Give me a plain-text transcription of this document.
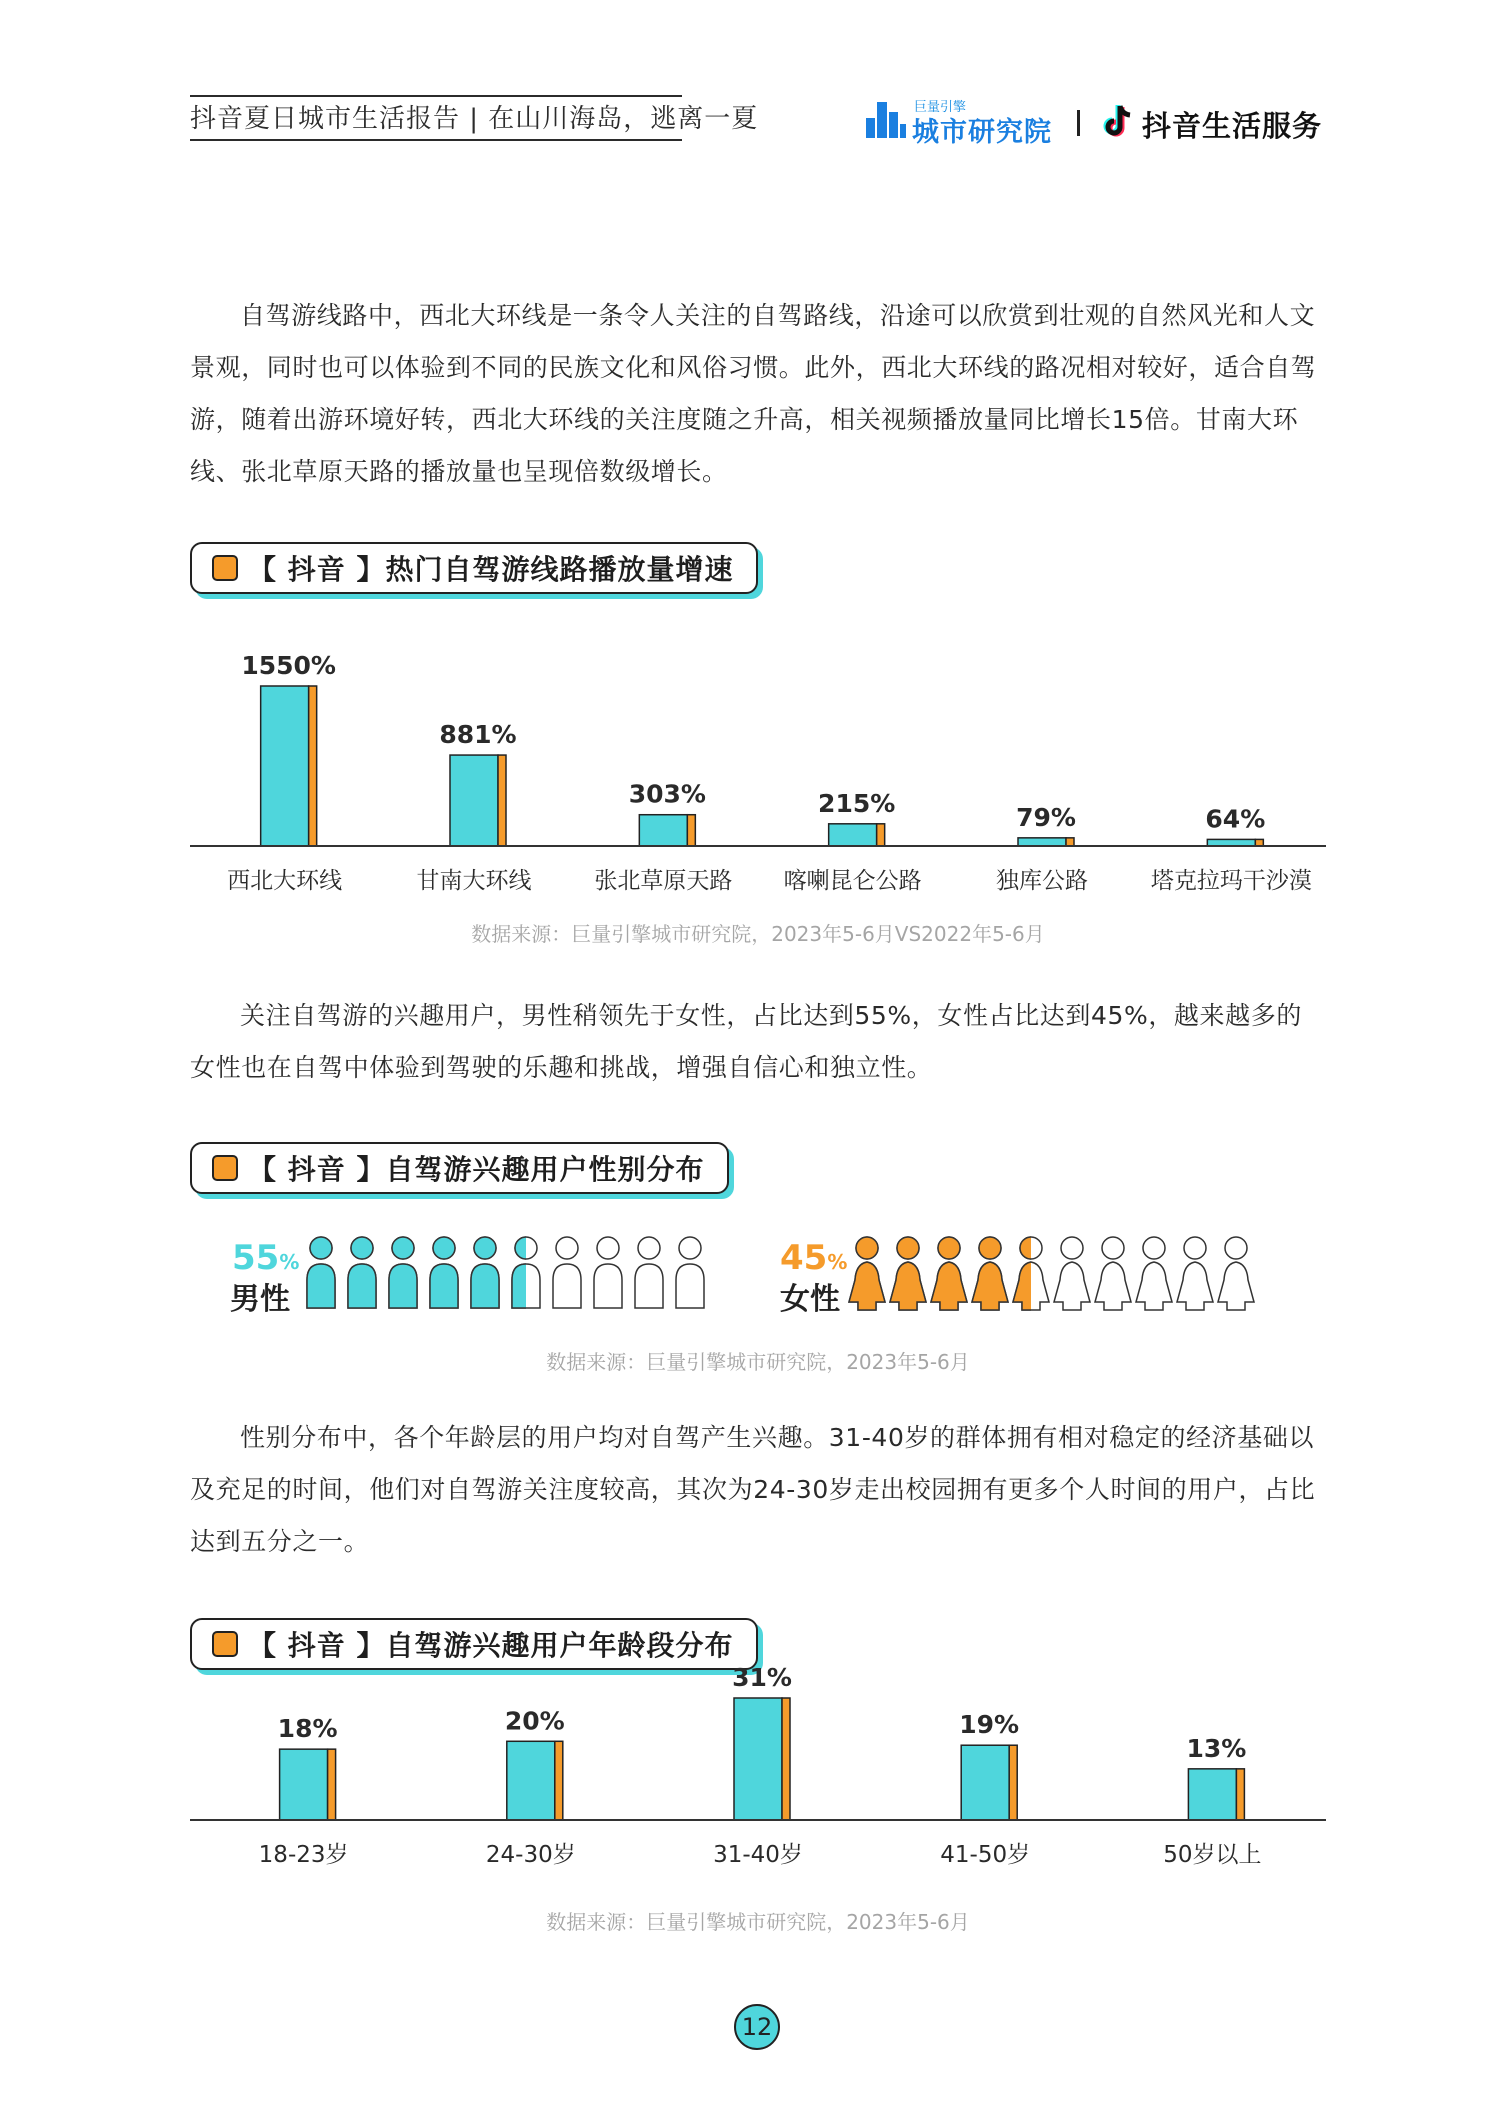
抖音夏日城市生活报告 | 在山川海岛，逃离一夏	巨量引擎
城市研究院	抖音生活服务
自驾游线路中，西北大环线是一条令人关注的自驾路线，沿途可以欣赏到壮观的自然风光和人文景观，同时也可以体验到不同的民族文化和风俗习惯。此外，西北大环线的路况相对较好，适合自驾游，随着出游环境好转，西北大环线的关注度随之升高，相关视频播放量同比增长15倍。甘南大环线、张北草原天路的播放量也呈现倍数级增长。
【 抖音 】热门自驾游线路播放量增速
1550%
西北大环线
881%
甘南大环线
303%
张北草原天路
215%
喀喇昆仑公路
79%
独库公路
64%
塔克拉玛干沙漠
数据来源：巨量引擎城市研究院，2023年5-6月VS2022年5-6月
关注自驾游的兴趣用户，男性稍领先于女性，占比达到55%，女性占比达到45%，越来越多的女性也在自驾中体验到驾驶的乐趣和挑战，增强自信心和独立性。
【 抖音 】自驾游兴趣用户性别分布
55%
男性
45%
女性
数据来源：巨量引擎城市研究院，2023年5-6月
性别分布中，各个年龄层的用户均对自驾产生兴趣。31-40岁的群体拥有相对稳定的经济基础以及充足的时间，他们对自驾游关注度较高，其次为24-30岁走出校园拥有更多个人时间的用户，占比达到五分之一。
【 抖音 】自驾游兴趣用户年龄段分布
18%
18-23岁
20%
24-30岁
31%
31-40岁
19%
41-50岁
13%
50岁以上
数据来源：巨量引擎城市研究院，2023年5-6月
12
